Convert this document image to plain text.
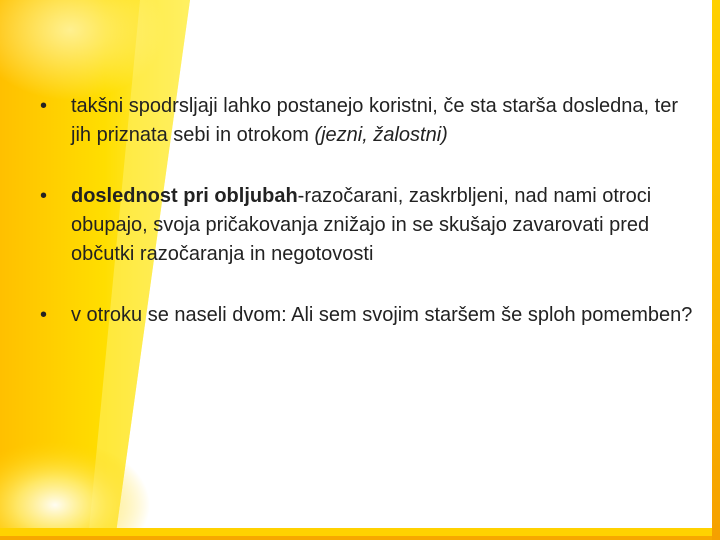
•	takšni spodrsljaji lahko postanejo koristni, če sta starša dosledna, ter jih priznata sebi in otrokom (jezni, žalostni)
•	doslednost pri obljubah-razočarani, zaskrbljeni, nad nami otroci obupajo, svoja pričakovanja znižajo in se skušajo zavarovati pred občutki razočaranja in negotovosti
•	v otroku se naseli dvom: Ali sem svojim staršem še sploh pomemben?
